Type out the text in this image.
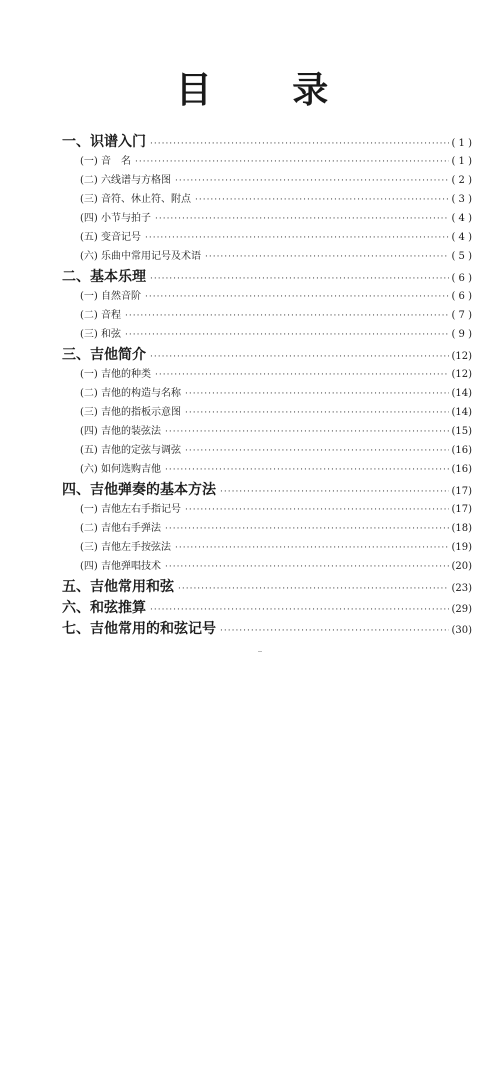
目 录
一、识谱入门 ·····	( 1 )
(一) 音　名 ·····	( 1 )
(二) 六线谱与方格图 ·····	( 2 )
(三) 音符、休止符、附点 ·····	( 3 )
(四) 小节与拍子 ·····	( 4 )
(五) 变音记号 ·····	( 4 )
(六) 乐曲中常用记号及术语 ·····	( 5 )
二、基本乐理 ·····	( 6 )
(一) 自然音阶 ·····	( 6 )
(二) 音程 ·····	( 7 )
(三) 和弦 ·····	( 9 )
三、吉他简介 ·····	(12)
(一) 吉他的种类 ·····	(12)
(二) 吉他的构造与名称 ·····	(14)
(三) 吉他的指板示意图 ·····	(14)
(四) 吉他的装弦法 ·····	(15)
(五) 吉他的定弦与调弦 ·····	(16)
(六) 如何选购吉他 ·····	(16)
四、吉他弹奏的基本方法 ·····	(17)
(一) 吉他左右手指记号 ·····	(17)
(二) 吉他右手弹法 ·····	(18)
(三) 吉他左手按弦法 ·····	(19)
(四) 吉他弹唱技术 ·····	(20)
五、吉他常用和弦 ·····	(23)
六、和弦推算 ·····	(29)
七、吉他常用的和弦记号 ·····	(30)
